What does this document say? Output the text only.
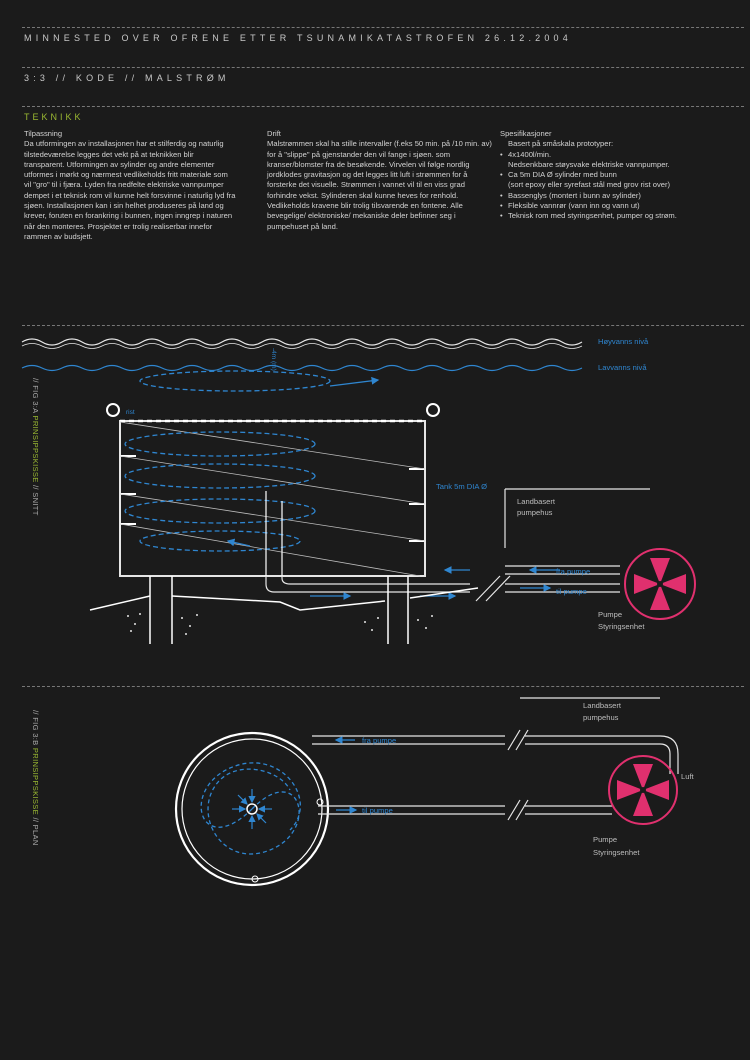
MINNESTED OVER OFRENE ETTER TSUNAMIKATASTROFEN 26.12.2004
3:3 // KODE // MALSTRØM
TEKNIKK

Tilpassning

Da utformingen av installasjonen har et stilferdig og naturlig tilstedeværelse legges det vekt på at teknikken blir transparent. Utformingen av sylinder og andre elementer utformes i mørkt og nærmest vedlikeholds fritt materiale som vil "gro" til i fjæra. Lyden fra nedfelte elektriske vannpumper dempet i et teknisk rom vil kunne helt forsvinne i naturlig lyd fra sjøen. Installasjonen kan i sin helhet produseres på land og krever, foruten en forankring i bunnen, ingen inngrep i naturen når den monteres. Prosjektet er trolig realiserbar innefor rammen av budsjett.

Drift

Malstrømmen skal ha stille intervaller (f.eks 50 min. på /10 min. av) for å "slippe" på gjenstander den vil fange i sjøen. som kranser/blomster fra de besøkende. Virvelen vil følge nordlig jordklodes gravitasjon og det legges litt luft i strømmen for å forsterke det visuelle. Strømmen i vannet vil til en viss grad forhindre vekst. Sylinderen skal kunne heves for renhold. Vedlikeholds kravene blir trolig tilsvarende en fontene. Alle bevegelige/ elektroniske/ mekaniske deler befinner seg i pumpehuset på land.

Spesifikasjoner

Basert på småskala prototyper:

• 4x1400l/min.
Nedsenkbare støysvake elektriske vannpumper.
• Ca 5m DIA Ø sylinder med bunn
(sort epoxy eller syrefast stål med grov rist over)
• Bassenglys (montert i bunn av sylinder)
• Fleksible vannrør (vann inn og vann ut)
• Teknisk rom med styringsenhet, pumper og strøm.
// FIG 3:A PRINSIPPSKISSE // SNITT
// FIG 3:B PRINSIPPSKISSE // PLAN
Høyvanns nivå
Lavvanns nivå
-4m (m)
rist
Tank 5m DIA Ø
Landbasert
pumpehus
fra pumpe
til pumpe
Pumpe
Styringsenhet
fra pumpe
til pumpe
Landbasert
pumpehus
Luft
Pumpe
Styringsenhet
